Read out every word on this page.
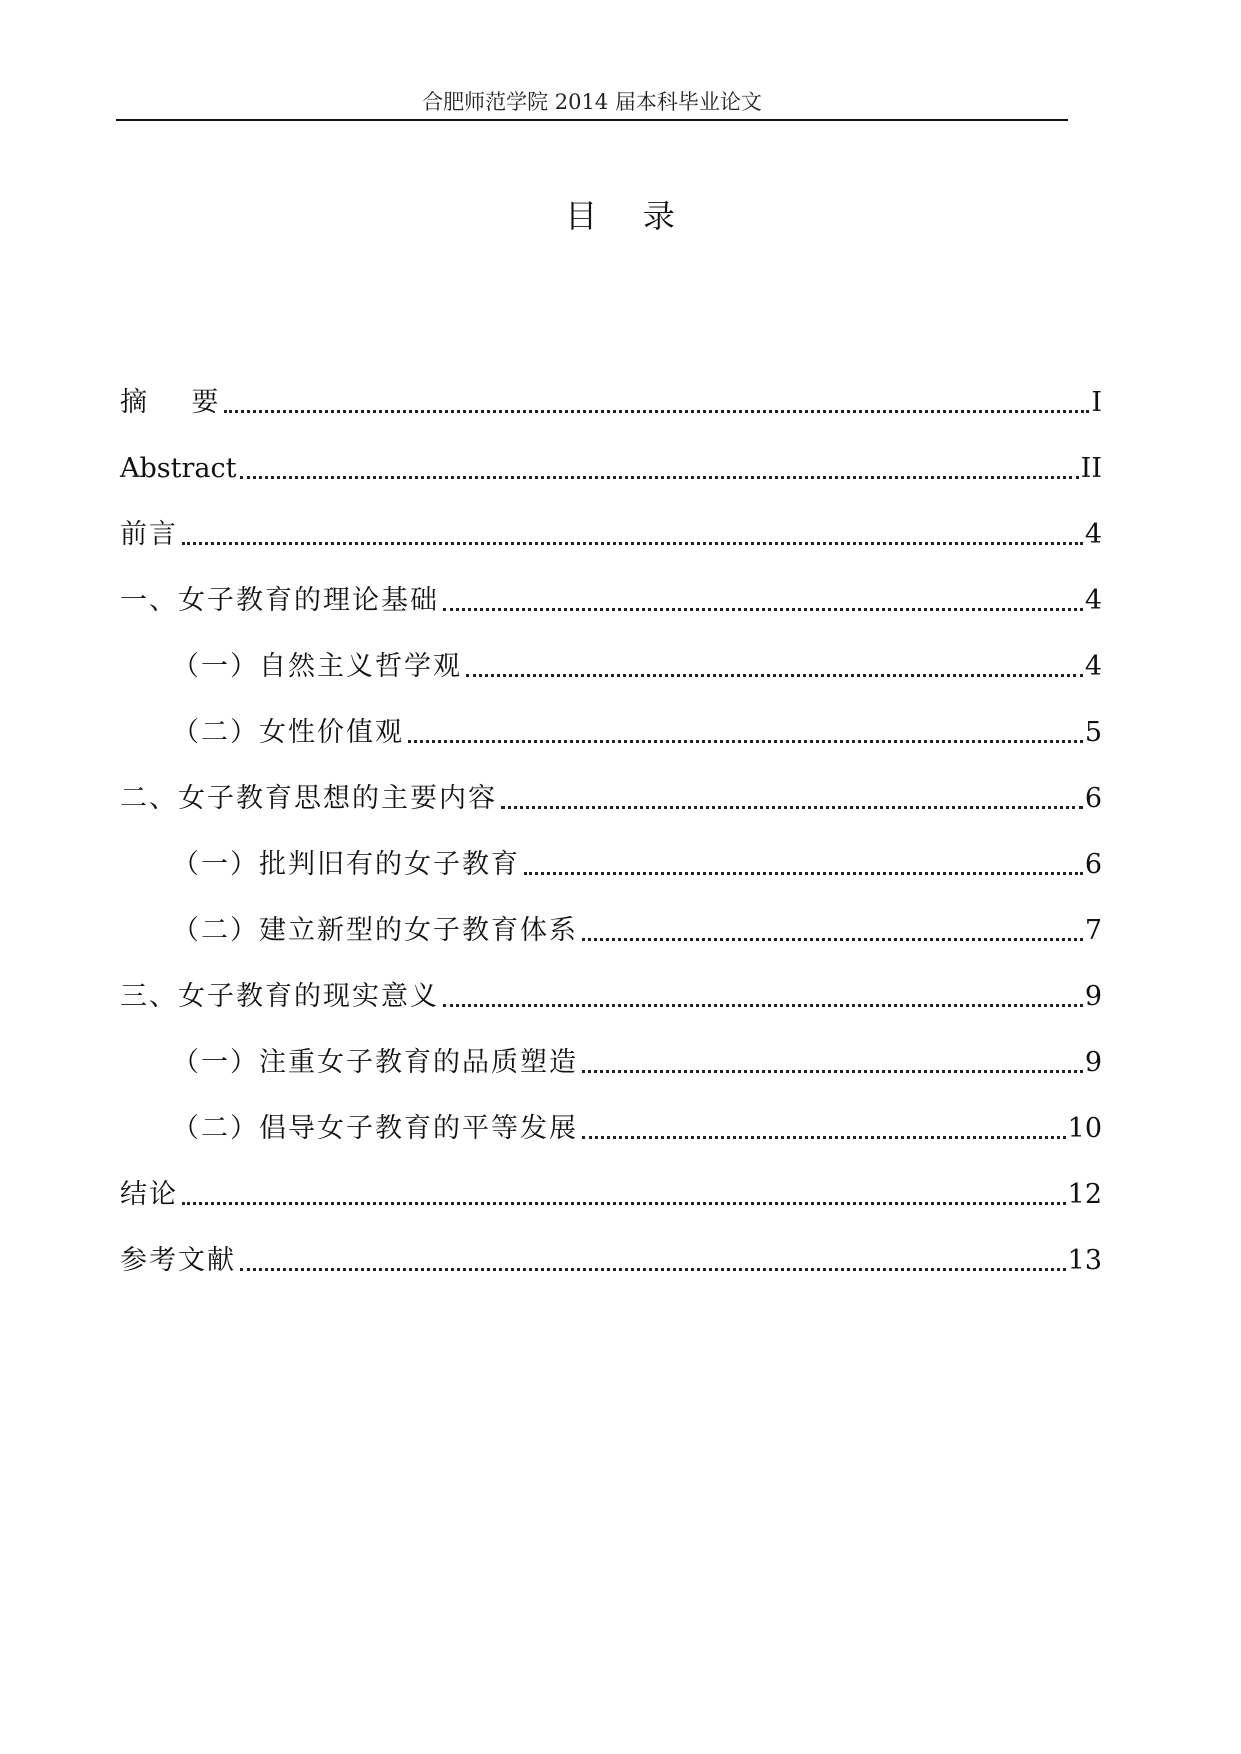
合肥师范学院 2014 届本科毕业论文
目    录
摘    要	I
Abstract	II
前言	4
一、女子教育的理论基础	4
（一）自然主义哲学观	4
（二）女性价值观	5
二、女子教育思想的主要内容	6
（一）批判旧有的女子教育	6
（二）建立新型的女子教育体系	7
三、女子教育的现实意义	9
（一）注重女子教育的品质塑造	9
（二）倡导女子教育的平等发展	10
结论	12
参考文献	13
